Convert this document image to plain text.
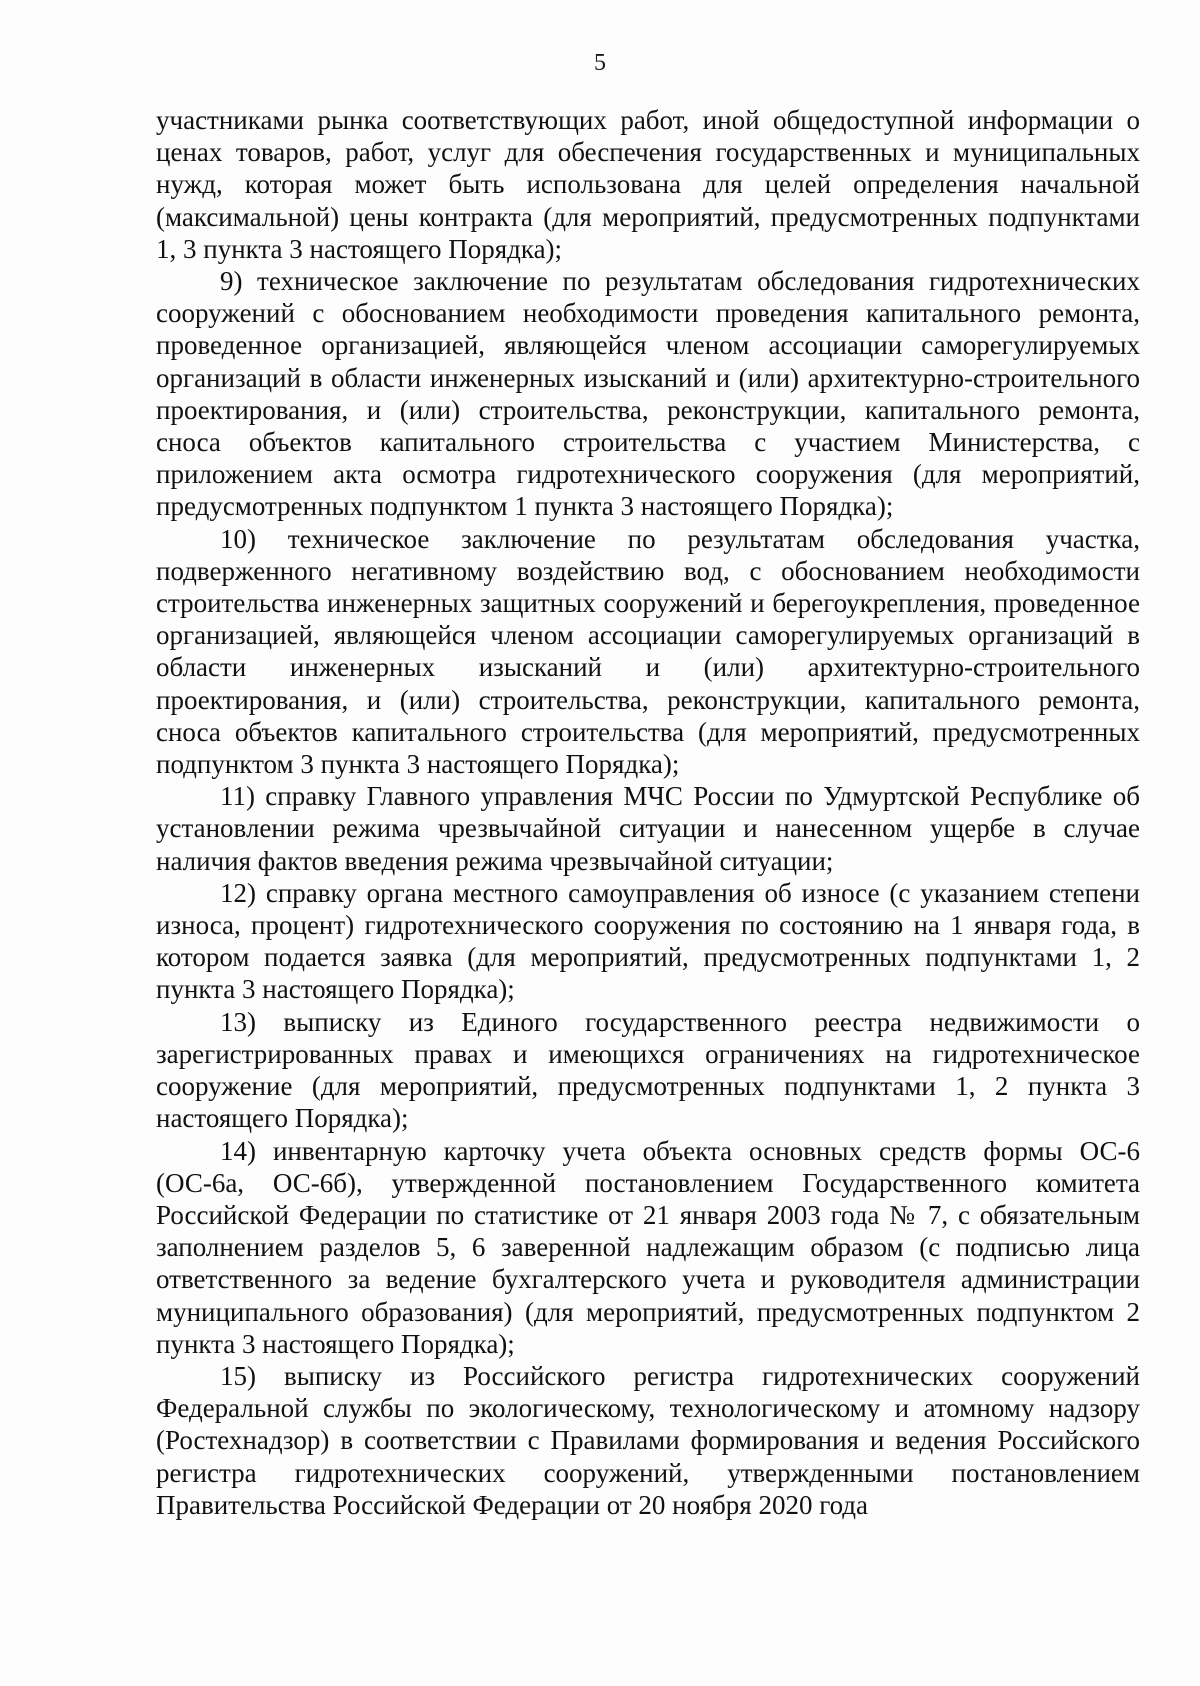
5

участниками рынка соответствующих работ, иной общедоступной информации о ценах товаров, работ, услуг для обеспечения государственных и муниципальных нужд, которая может быть использована для целей определения начальной (максимальной) цены контракта (для мероприятий, предусмотренных подпунктами 1, 3 пункта 3 настоящего Порядка);

9) техническое заключение по результатам обследования гидротехнических сооружений с обоснованием необходимости проведения капитального ремонта, проведенное организацией, являющейся членом ассоциации саморегулируемых организаций в области инженерных изысканий и (или) архитектурно-строительного проектирования, и (или) строительства, реконструкции, капитального ремонта, сноса объектов капитального строительства с участием Министерства, с приложением акта осмотра гидротехнического сооружения (для мероприятий, предусмотренных подпунктом 1 пункта 3 настоящего Порядка);

10) техническое заключение по результатам обследования участка, подверженного негативному воздействию вод, с обоснованием необходимости строительства инженерных защитных сооружений и берегоукрепления, проведенное организацией, являющейся членом ассоциации саморегулируемых организаций в области инженерных изысканий и (или) архитектурно-строительного проектирования, и (или) строительства, реконструкции, капитального ремонта, сноса объектов капитального строительства (для мероприятий, предусмотренных подпунктом 3 пункта 3 настоящего Порядка);

11) справку Главного управления МЧС России по Удмуртской Республике об установлении режима чрезвычайной ситуации и нанесенном ущербе в случае наличия фактов введения режима чрезвычайной ситуации;

12) справку органа местного самоуправления об износе (с указанием степени износа, процент) гидротехнического сооружения по состоянию на 1 января года, в котором подается заявка (для мероприятий, предусмотренных подпунктами 1, 2 пункта 3 настоящего Порядка);

13) выписку из Единого государственного реестра недвижимости о зарегистрированных правах и имеющихся ограничениях на гидротехническое сооружение (для мероприятий, предусмотренных подпунктами 1, 2 пункта 3 настоящего Порядка);

14) инвентарную карточку учета объекта основных средств формы ОС-6 (ОС-6а, ОС-6б), утвержденной постановлением Государственного комитета Российской Федерации по статистике от 21 января 2003 года № 7, с обязательным заполнением разделов 5, 6 заверенной надлежащим образом (с подписью лица ответственного за ведение бухгалтерского учета и руководителя администрации муниципального образования) (для мероприятий, предусмотренных подпунктом 2 пункта 3 настоящего Порядка);

15) выписку из Российского регистра гидротехнических сооружений Федеральной службы по экологическому, технологическому и атомному надзору (Ростехнадзор) в соответствии с Правилами формирования и ведения Российского регистра гидротехнических сооружений, утвержденными постановлением Правительства Российской Федерации от 20 ноября 2020 года
